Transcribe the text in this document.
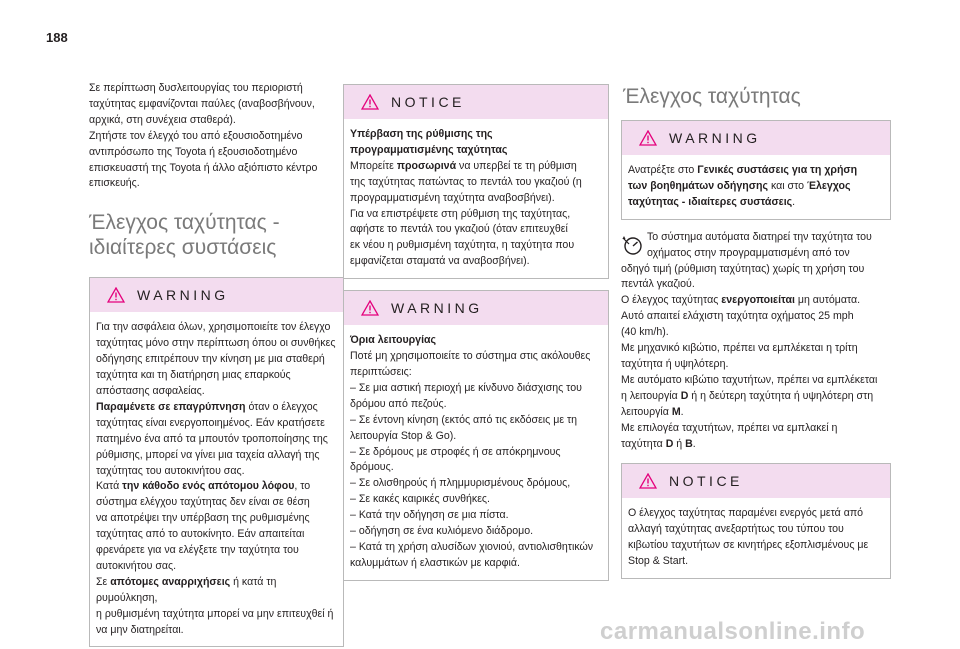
188

Σε περίπτωση δυσλειτουργίας του περιοριστή

ταχύτητας εμφανίζονται παύλες (αναβοσβήνουν,

αρχικά, στη συνέχεια σταθερά).

Ζητήστε τον έλεγχό του από εξουσιοδοτημένο

αντιπρόσωπο της Toyota ή εξουσιοδοτημένο

επισκευαστή της Toyota ή άλλο αξιόπιστο κέντρο

επισκευής.

Έλεγχος ταχύτητας -

ιδιαίτερες συστάσεις

WARNING

Για την ασφάλεια όλων, χρησιμοποιείτε τον έλεγχο

ταχύτητας μόνο στην περίπτωση όπου οι συνθήκες

οδήγησης επιτρέπουν την κίνηση με μια σταθερή

ταχύτητα και τη διατήρηση μιας επαρκούς

απόστασης ασφαλείας.

Παραμένετε σε επαγρύπνηση όταν ο έλεγχος

ταχύτητας είναι ενεργοποιημένος. Εάν κρατήσετε

πατημένο ένα από τα μπουτόν τροποποίησης της

ρύθμισης, μπορεί να γίνει μια ταχεία αλλαγή της

ταχύτητας του αυτοκινήτου σας.

Κατά την κάθοδο ενός απότομου λόφου, το

σύστημα ελέγχου ταχύτητας δεν είναι σε θέση

να αποτρέψει την υπέρβαση της ρυθμισμένης

ταχύτητας από το αυτοκίνητο. Εάν απαιτείται

φρενάρετε για να ελέγξετε την ταχύτητα του

αυτοκινήτου σας.

Σε απότομες αναρριχήσεις ή κατά τη ρυμούλκηση,

η ρυθμισμένη ταχύτητα μπορεί να μην επιτευχθεί ή

να μην διατηρείται.

NOTICE

Υπέρβαση της ρύθμισης της

προγραμματισμένης ταχύτητας

Μπορείτε προσωρινά να υπερβεί τε τη ρύθμιση

της ταχύτητας πατώντας το πεντάλ του γκαζιού (η

προγραμματισμένη ταχύτητα αναβοσβήνει).

Για να επιστρέψετε στη ρύθμιση της ταχύτητας,

αφήστε το πεντάλ του γκαζιού (όταν επιτευχθεί

εκ νέου η ρυθμισμένη ταχύτητα, η ταχύτητα που

εμφανίζεται σταματά να αναβοσβήνει).

WARNING

Όρια λειτουργίας

Ποτέ μη χρησιμοποιείτε το σύστημα στις ακόλουθες

περιπτώσεις:

– Σε μια αστική περιοχή με κίνδυνο διάσχισης του

δρόμου από πεζούς.

– Σε έντονη κίνηση (εκτός από τις εκδόσεις με τη

λειτουργία Stop & Go).

– Σε δρόμους με στροφές ή σε απόκρημνους

δρόμους.

– Σε ολισθηρούς ή πλημμυρισμένους δρόμους,

– Σε κακές καιρικές συνθήκες.

– Κατά την οδήγηση σε μια πίστα.

– οδήγηση σε ένα κυλιόμενο διάδρομο.

– Κατά τη χρήση αλυσίδων χιονιού, αντιολισθητικών

καλυμμάτων ή ελαστικών με καρφιά.

Έλεγχος ταχύτητας

WARNING

Ανατρέξτε στο Γενικές συστάσεις για τη χρήση

των βοηθημάτων οδήγησης και στο Έλεγχος

ταχύτητας - ιδιαίτερες συστάσεις.

Το σύστημα αυτόματα διατηρεί την ταχύτητα του

οχήματος στην προγραμματισμένη από τον

οδηγό τιμή (ρύθμιση ταχύτητας) χωρίς τη χρήση του

πεντάλ γκαζιού.

Ο έλεγχος ταχύτητας ενεργοποιείται μη αυτόματα.

Αυτό απαιτεί ελάχιστη ταχύτητα οχήματος 25 mph

(40 km/h).

Με μηχανικό κιβώτιο, πρέπει να εμπλέκεται η τρίτη

ταχύτητα ή υψηλότερη.

Με αυτόματο κιβώτιο ταχυτήτων, πρέπει να εμπλέκεται

η λειτουργία D ή η δεύτερη ταχύτητα ή υψηλότερη στη

λειτουργία M.

Με επιλογέα ταχυτήτων, πρέπει να εμπλακεί η

ταχύτητα D ή B.

NOTICE

Ο έλεγχος ταχύτητας παραμένει ενεργός μετά από

αλλαγή ταχύτητας ανεξαρτήτως του τύπου του

κιβωτίου ταχυτήτων σε κινητήρες εξοπλισμένους με

Stop & Start.

carmanualsonline.info
